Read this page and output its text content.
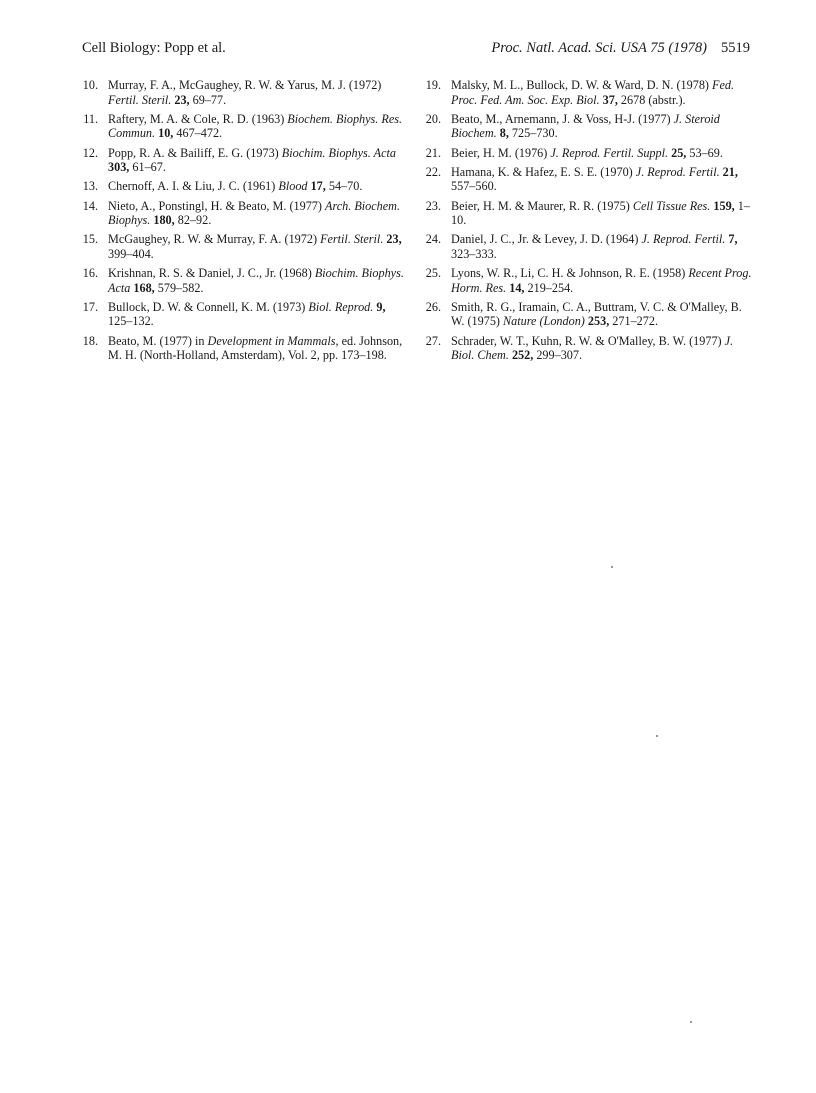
Cell Biology: Popp et al.	Proc. Natl. Acad. Sci. USA 75 (1978) 5519
10. Murray, F. A., McGaughey, R. W. & Yarus, M. J. (1972) Fertil. Steril. 23, 69–77.
11. Raftery, M. A. & Cole, R. D. (1963) Biochem. Biophys. Res. Commun. 10, 467–472.
12. Popp, R. A. & Bailiff, E. G. (1973) Biochim. Biophys. Acta 303, 61–67.
13. Chernoff, A. I. & Liu, J. C. (1961) Blood 17, 54–70.
14. Nieto, A., Ponstingl, H. & Beato, M. (1977) Arch. Biochem. Biophys. 180, 82–92.
15. McGaughey, R. W. & Murray, F. A. (1972) Fertil. Steril. 23, 399–404.
16. Krishnan, R. S. & Daniel, J. C., Jr. (1968) Biochim. Biophys. Acta 168, 579–582.
17. Bullock, D. W. & Connell, K. M. (1973) Biol. Reprod. 9, 125–132.
18. Beato, M. (1977) in Development in Mammals, ed. Johnson, M. H. (North-Holland, Amsterdam), Vol. 2, pp. 173–198.
19. Malsky, M. L., Bullock, D. W. & Ward, D. N. (1978) Fed. Proc. Fed. Am. Soc. Exp. Biol. 37, 2678 (abstr.).
20. Beato, M., Arnemann, J. & Voss, H-J. (1977) J. Steroid Biochem. 8, 725–730.
21. Beier, H. M. (1976) J. Reprod. Fertil. Suppl. 25, 53–69.
22. Hamana, K. & Hafez, E. S. E. (1970) J. Reprod. Fertil. 21, 557–560.
23. Beier, H. M. & Maurer, R. R. (1975) Cell Tissue Res. 159, 1–10.
24. Daniel, J. C., Jr. & Levey, J. D. (1964) J. Reprod. Fertil. 7, 323–333.
25. Lyons, W. R., Li, C. H. & Johnson, R. E. (1958) Recent Prog. Horm. Res. 14, 219–254.
26. Smith, R. G., Iramain, C. A., Buttram, V. C. & O'Malley, B. W. (1975) Nature (London) 253, 271–272.
27. Schrader, W. T., Kuhn, R. W. & O'Malley, B. W. (1977) J. Biol. Chem. 252, 299–307.
